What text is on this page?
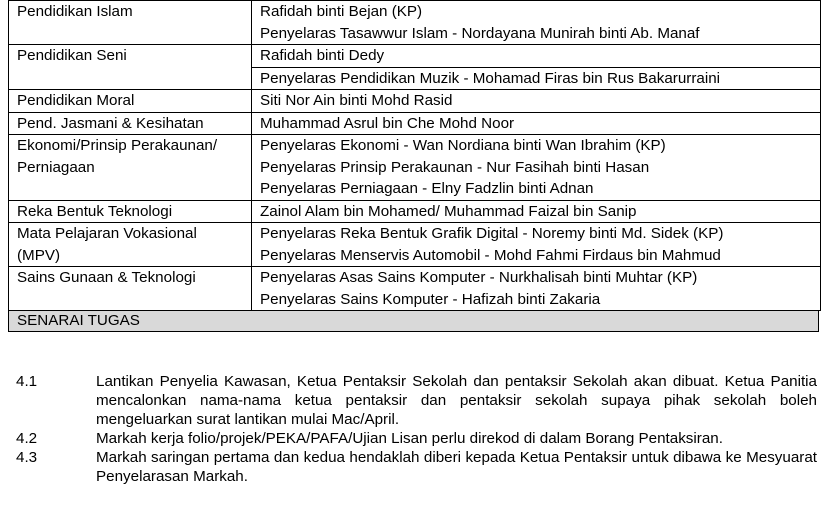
Pendidikan Islam	Rafidah binti Bejan (KP)
Penyelaras Tasawwur Islam - Nordayana Munirah binti Ab. Manaf

Pendidikan Seni	Rafidah binti Dedy
Penyelaras Pendidikan Muzik - Mohamad Firas bin Rus Bakarurraini

Pendidikan Moral	Siti Nor Ain binti Mohd Rasid

Pend. Jasmani & Kesihatan	Muhammad Asrul bin Che Mohd Noor

Ekonomi/Prinsip Perakaunan/
Perniagaan	Penyelaras Ekonomi - Wan Nordiana binti Wan Ibrahim (KP)
Penyelaras Prinsip Perakaunan - Nur Fasihah binti Hasan
Penyelaras Perniagaan - Elny Fadzlin binti Adnan

Reka Bentuk Teknologi	Zainol Alam bin Mohamed/ Muhammad Faizal bin Sanip

Mata Pelajaran Vokasional
(MPV)	Penyelaras Reka Bentuk Grafik Digital - Noremy binti Md. Sidek (KP)
Penyelaras Menservis Automobil - Mohd Fahmi Firdaus bin Mahmud

Sains Gunaan & Teknologi	Penyelaras Asas Sains Komputer - Nurkhalisah binti Muhtar (KP)
Penyelaras Sains Komputer - Hafizah binti Zakaria
SENARAI TUGAS
4.1	Lantikan Penyelia Kawasan, Ketua Pentaksir Sekolah dan pentaksir Sekolah akan dibuat. Ketua Panitia mencalonkan nama-nama ketua pentaksir dan pentaksir sekolah supaya pihak sekolah boleh mengeluarkan surat lantikan mulai Mac/April.
4.2	Markah kerja folio/projek/PEKA/PAFA/Ujian Lisan perlu direkod di dalam Borang Pentaksiran.
4.3	Markah saringan pertama dan kedua hendaklah diberi kepada Ketua Pentaksir untuk dibawa ke Mesyuarat Penyelarasan Markah.
